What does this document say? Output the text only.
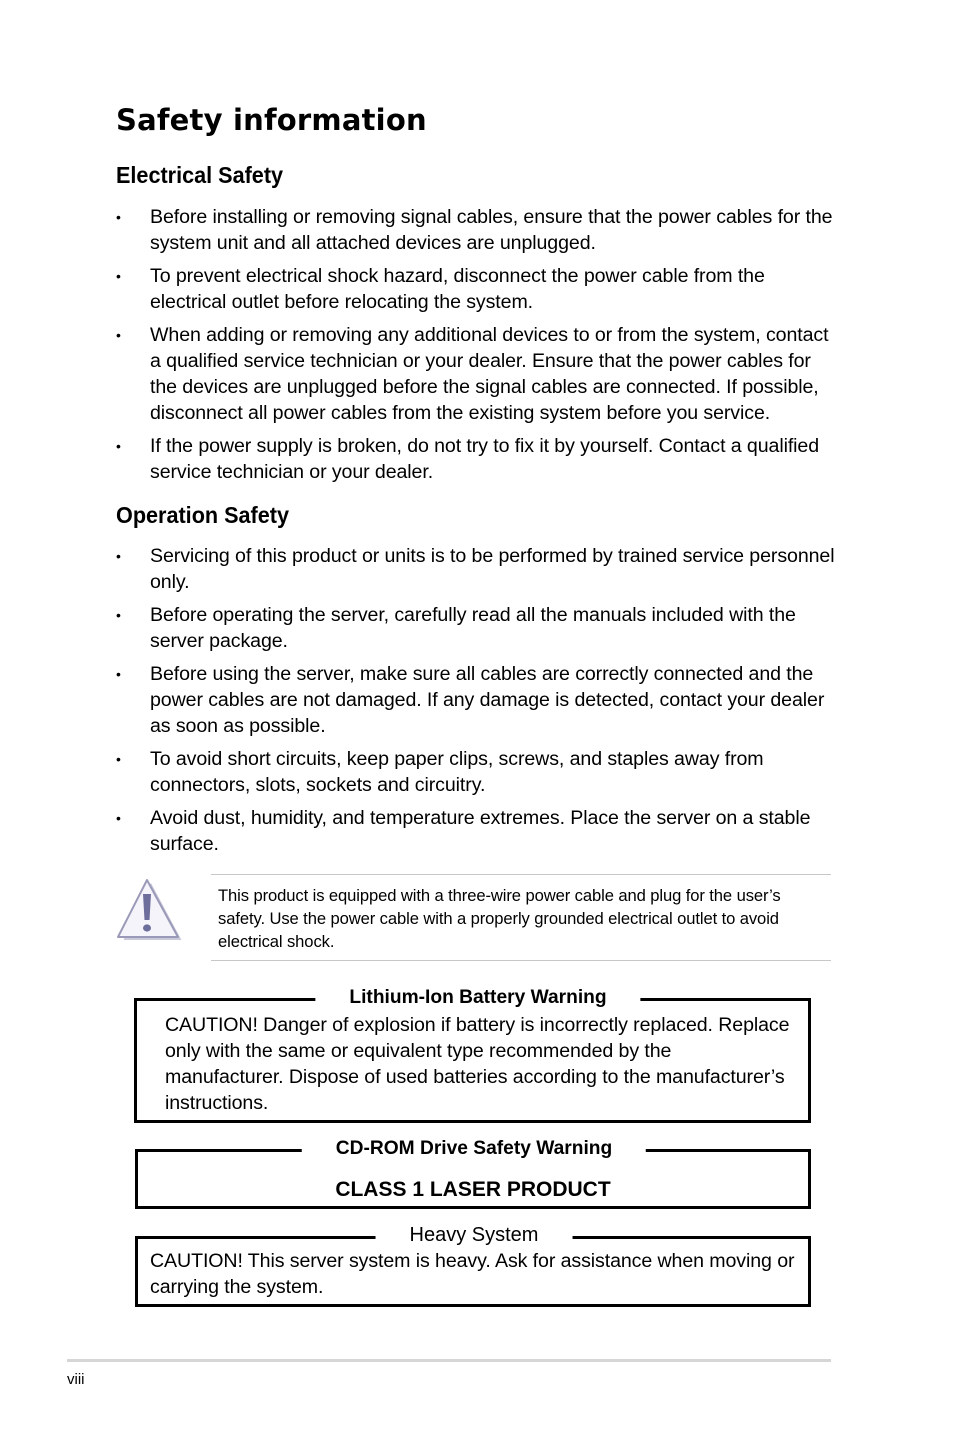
Safety information
Electrical Safety
• Before installing or removing signal cables, ensure that the power cables for the system unit and all attached devices are unplugged.
• To prevent electrical shock hazard, disconnect the power cable from the electrical outlet before relocating the system.
• When adding or removing any additional devices to or from the system, contact a qualified service technician or your dealer. Ensure that the power cables for the devices are unplugged before the signal cables are connected. If possible, disconnect all power cables from the existing system before you service.
• If the power supply is broken, do not try to fix it by yourself. Contact a qualified service technician or your dealer.
Operation Safety
• Servicing of this product or units is to be performed by trained service personnel only.
• Before operating the server, carefully read all the manuals included with the server package.
• Before using the server, make sure all cables are correctly connected and the power cables are not damaged. If any damage is detected, contact your dealer as soon as possible.
• To avoid short circuits, keep paper clips, screws, and staples away from connectors, slots, sockets and circuitry.
• Avoid dust, humidity, and temperature extremes. Place the server on a stable surface.

This product is equipped with a three-wire power cable and plug for the user’s safety. Use the power cable with a properly grounded electrical outlet to avoid electrical shock.

CAUTION! Danger of explosion if battery is incorrectly replaced. Replace only with the same or equivalent type recommended by the manufacturer. Dispose of used batteries according to the manufacturer’s instructions.

Lithium-Ion Battery Warning

CLASS 1 LASER PRODUCT

CD-ROM Drive Safety Warning

CAUTION! This server system is heavy. Ask for assistance when moving or carrying the system.

Heavy System

viii
